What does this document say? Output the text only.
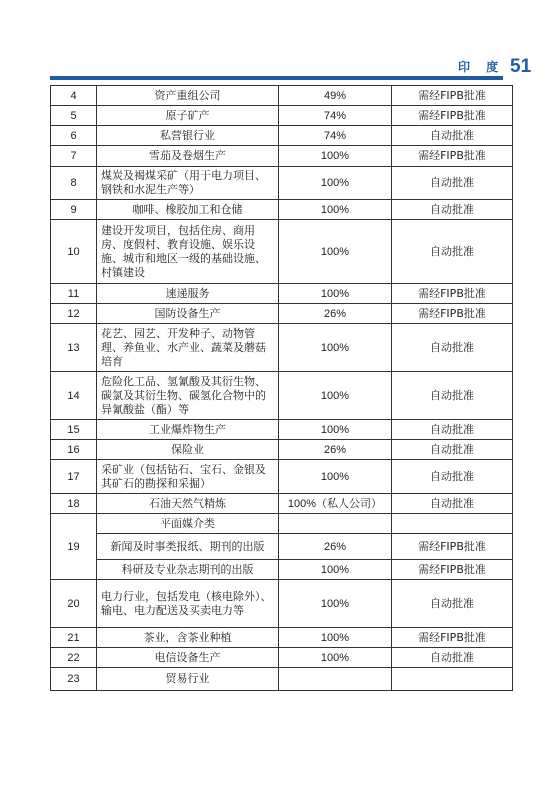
印 度 51
4	资产重组公司	49%	需经FIPB批准
5	原子矿产	74%	需经FIPB批准
6	私营银行业	74%	自动批准
7	雪茄及卷烟生产	100%	需经FIPB批准
8	煤炭及褐煤采矿（用于电力项目、钢铁和水泥生产等）	100%	自动批准
9	咖啡、橡胶加工和仓储	100%	自动批准
10	建设开发项目，包括住房、商用房、度假村、教育设施、娱乐设施、城市和地区一级的基础设施、村镇建设	100%	自动批准
11	速递服务	100%	需经FIPB批准
12	国防设备生产	26%	需经FIPB批准
13	花艺、园艺、开发种子、动物管理、养鱼业、水产业、蔬菜及蘑菇培育	100%	自动批准
14	危险化工品、氢氰酸及其衍生物、碳氯及其衍生物、碳氢化合物中的异氰酸盐（酯）等	100%	自动批准
15	工业爆炸物生产	100%	自动批准
16	保险业	26%	自动批准
17	采矿业（包括钻石、宝石、金银及其矿石的勘探和采掘）	100%	自动批准
18	石油天然气精炼	100%（私人公司）	自动批准
19	平面媒介类		
	新闻及时事类报纸、期刊的出版	26%	需经FIPB批准
	科研及专业杂志期刊的出版	100%	需经FIPB批准
20	电力行业，包括发电（核电除外）、输电、电力配送及买卖电力等	100%	自动批准
21	茶业，含茶业种植	100%	需经FIPB批准
22	电信设备生产	100%	自动批准
23	贸易行业		
